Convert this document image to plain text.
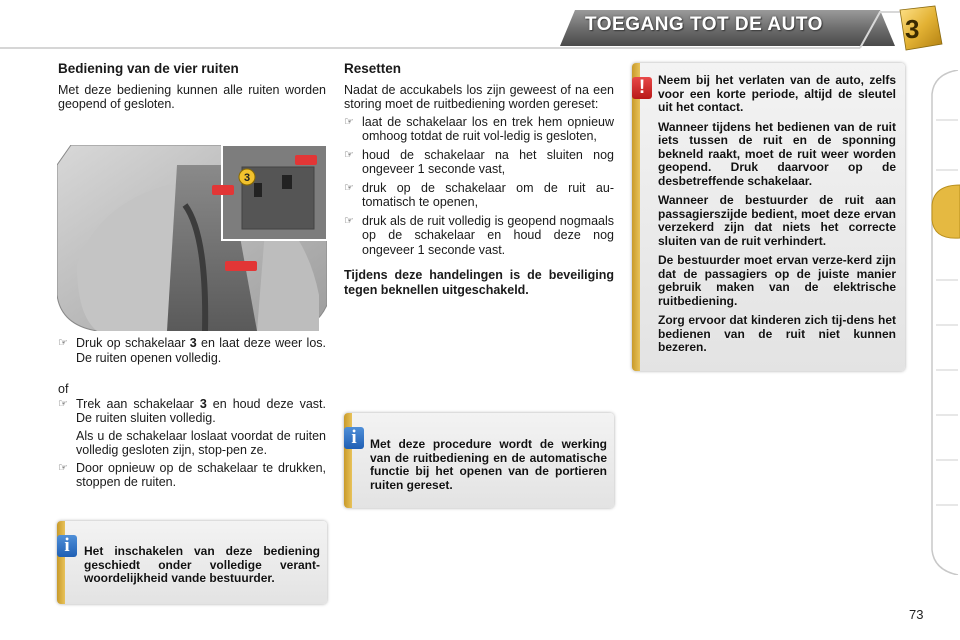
TOEGANG TOT DE AUTO	3
Bediening van de vier ruiten

Met deze bediening kunnen alle ruiten worden geopend of gesloten.

3
☞ Druk op schakelaar 3 en laat deze weer los. De ruiten openen volledig.

of

☞ Trek aan schakelaar 3 en houd deze vast. De ruiten sluiten volledig.

Als u de schakelaar loslaat voordat de ruiten volledig gesloten zijn, stop-pen ze.

☞ Door opnieuw op de schakelaar te drukken, stoppen de ruiten.
i	Het inschakelen van deze bediening geschiedt onder volledige verant-woordelijkheid vande bestuurder.
Resetten

Nadat de accukabels los zijn geweest of na een storing moet de ruitbediening worden gereset:

☞ laat de schakelaar los en trek hem opnieuw omhoog totdat de ruit vol-ledig is gesloten,
☞ houd de schakelaar na het sluiten nog ongeveer 1 seconde vast,
☞ druk op de schakelaar om de ruit au-tomatisch te openen,
☞ druk als de ruit volledig is geopend nogmaals op de schakelaar en houd deze nog ongeveer 1 seconde vast.

Tijdens deze handelingen is de beveiliging tegen beknellen uitgeschakeld.

i	Met deze procedure wordt de werking van de ruitbediening en de automatische functie bij het openen van de portieren ruiten gereset.
!	Neem bij het verlaten van de auto, zelfs voor een korte periode, altijd de sleutel uit het contact.

Wanneer tijdens het bedienen van de ruit iets tussen de ruit en de sponning bekneld raakt, moet de ruit weer worden geopend. Druk daarvoor op de desbetreffende schakelaar.

Wanneer de bestuurder de ruit aan passagierszijde bedient, moet deze ervan verzekerd zijn dat niets het correcte sluiten van de ruit verhindert.

De bestuurder moet ervan verze-kerd zijn dat de passagiers op de juiste manier gebruik maken van de elektrische ruitbediening.

Zorg ervoor dat kinderen zich tij-dens het bedienen van de ruit niet kunnen bezeren.

73
